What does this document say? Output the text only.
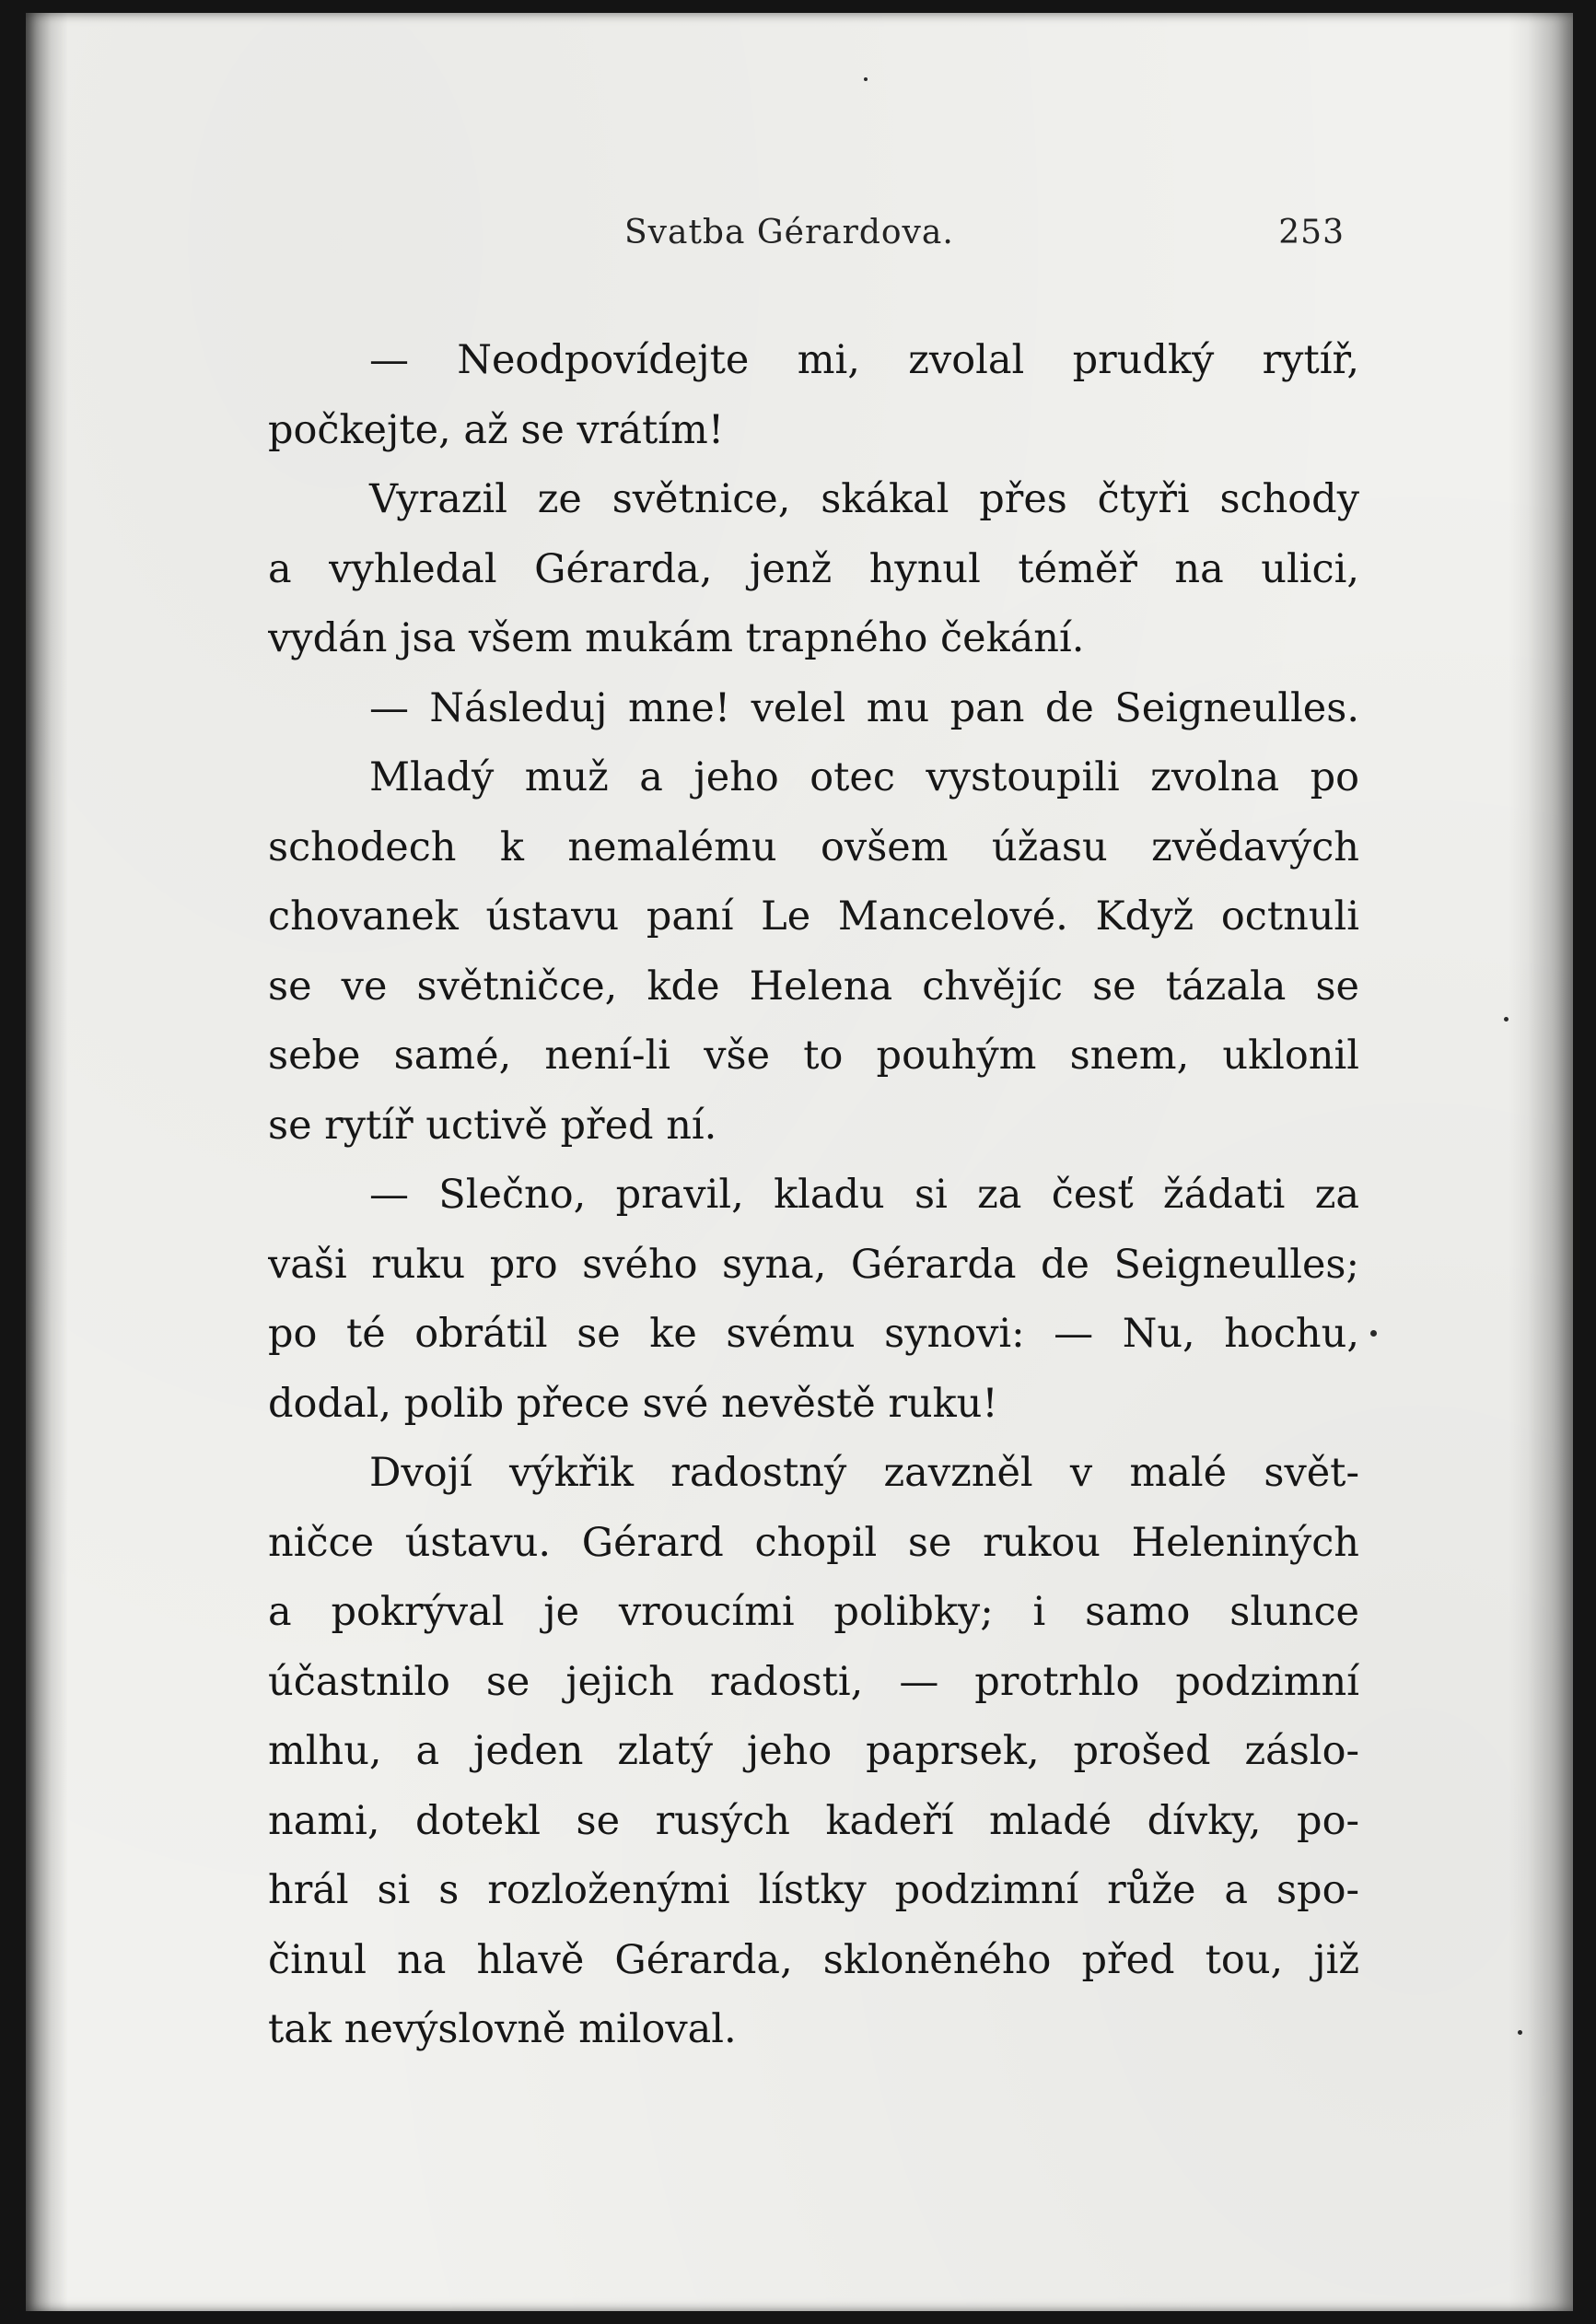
Svatba Gérardova.	253
— Neodpovídejte mi, zvolal prudký rytíř,
počkejte, až se vrátím!
Vyrazil ze světnice, skákal přes čtyři schody
a vyhledal Gérarda, jenž hynul téměř na ulici,
vydán jsa všem mukám trapného čekání.
— Následuj mne! velel mu pan de Seigneulles.
Mladý muž a jeho otec vystoupili zvolna po
schodech k nemalému ovšem úžasu zvědavých
chovanek ústavu paní Le Mancelové. Když octnuli
se ve světničce, kde Helena chvějíc se tázala se
sebe samé, není-li vše to pouhým snem, uklonil
se rytíř uctivě před ní.
— Slečno, pravil, kladu si za česť žádati za
vaši ruku pro svého syna, Gérarda de Seigneulles;
po té obrátil se ke svému synovi: — Nu, hochu,
dodal, polib přece své nevěstě ruku!
Dvojí výkřik radostný zavzněl v malé svět-
ničce ústavu. Gérard chopil se rukou Heleniných
a pokrýval je vroucími polibky; i samo slunce
účastnilo se jejich radosti, — protrhlo podzimní
mlhu, a jeden zlatý jeho paprsek, prošed záslo-
nami, dotekl se rusých kadeří mladé dívky, po-
hrál si s rozloženými lístky podzimní růže a spo-
činul na hlavě Gérarda, skloněného před tou, již
tak nevýslovně miloval.
